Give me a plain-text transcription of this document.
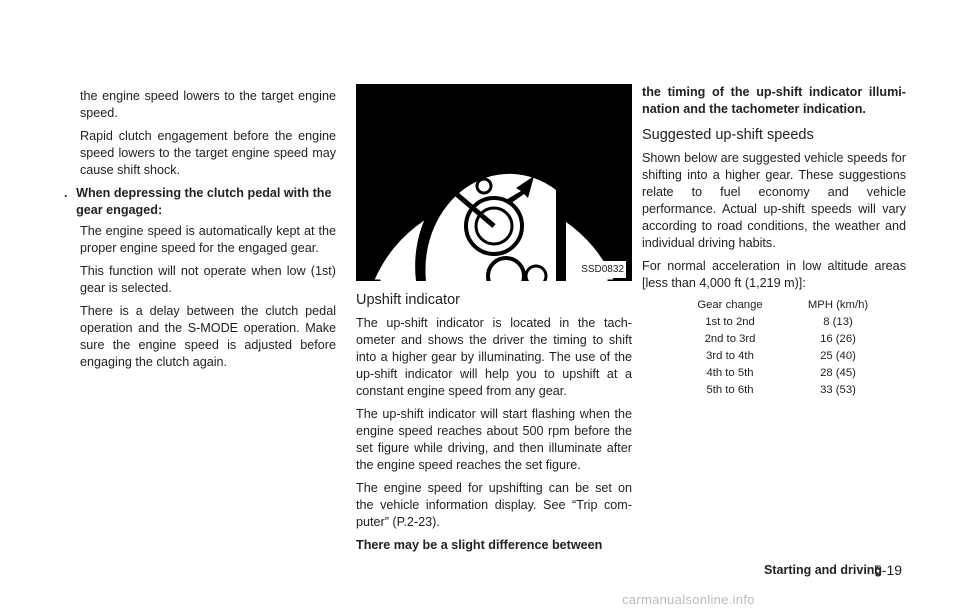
the engine speed lowers to the target engine speed.

Rapid clutch engagement before the engine speed lowers to the target engine speed may cause shift shock.

. When depressing the clutch pedal with the gear engaged:

The engine speed is automatically kept at the proper engine speed for the engaged gear.

This function will not operate when low (1st) gear is selected.

There is a delay between the clutch pedal operation and the S-MODE operation. Make sure the engine speed is adjusted before engaging the clutch again.

REV
SSD0832
Upshift indicator

The up-shift indicator is located in the tach-ometer and shows the driver the timing to shift into a higher gear by illuminating. The use of the up-shift indicator will help you to upshift at a constant engine speed from any gear.

The up-shift indicator will start flashing when the engine speed reaches about 500 rpm before the set figure while driving, and then illuminate after the engine speed reaches the set figure.

The engine speed for upshifting can be set on the vehicle information display. See “Trip com-puter” (P.2-23).

There may be a slight difference between

the timing of the up-shift indicator illumi-nation and the tachometer indication.

Suggested up-shift speeds

Shown below are suggested vehicle speeds for shifting into a higher gear. These suggestions relate to fuel economy and vehicle performance. Actual up-shift speeds will vary according to road conditions, the weather and individual driving habits.

For normal acceleration in low altitude areas [less than 4,000 ft (1,219 m)]:

Gear change	MPH (km/h)
1st to 2nd	8 (13)
2nd to 3rd	16 (26)
3rd to 4th	25 (40)
4th to 5th	28 (45)
5th to 6th	33 (53)
Starting and driving
5-19
carmanualsonline.info
